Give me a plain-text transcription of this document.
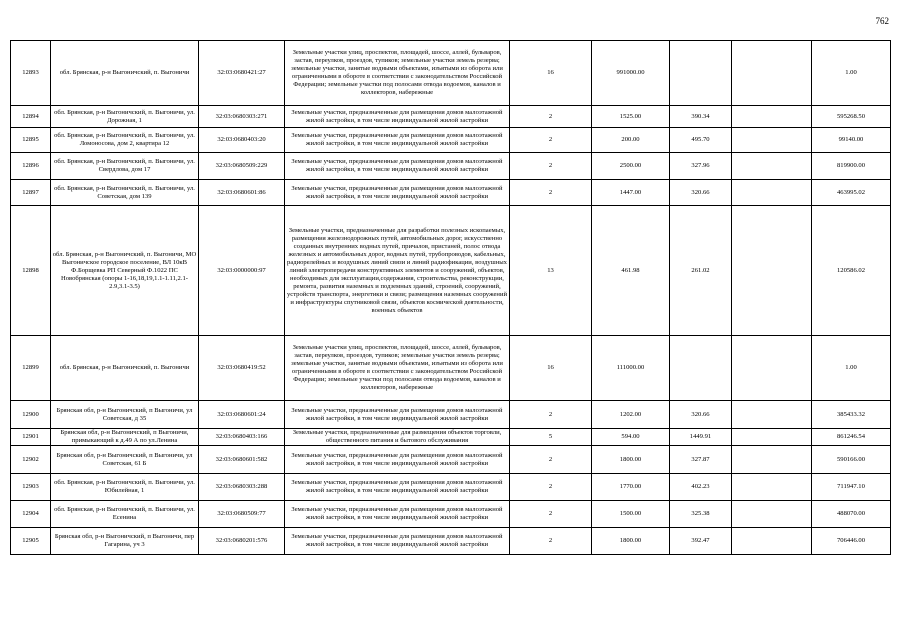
762
12893	обл. Брянская, р-н Выгоничский, п. Выгоничи	32:03:0680421:27	Земельные участки улиц, проспектов, площадей, шоссе, аллей, бульваров, застав, переулков, проездов, тупиков; земельные участки земель резерва; земельные участки, занятые водными объектами, изъятыми из оборота или ограниченными в обороте в соответствии с законодательством Российской Федерации; земельные участки под полосами отвода водоемов, каналов и коллекторов, набережные	16	991000.00			1.00
12894	обл. Брянская, р-н Выгоничский, п. Выгоничи, ул. Дорожная, 1	32:03:0680303:271	Земельные участки, предназначенные для размещения домов малоэтажной жилой застройки, в том числе индивидуальной жилой застройки	2	1525.00	390.34		595268.50
12895	обл. Брянская, р-н Выгоничский, п. Выгоничи, ул. Ломоносова, дом 2, квартира 12	32:03:0680403:20	Земельные участки, предназначенные для размещения домов малоэтажной жилой застройки, в том числе индивидуальной жилой застройки	2	200.00	495.70		99140.00
12896	обл. Брянская, р-н Выгоничский, п. Выгоничи, ул. Свердлова, дом 17	32:03:0680509:229	Земельные участки, предназначенные для размещения домов малоэтажной жилой застройки, в том числе индивидуальной жилой застройки	2	2500.00	327.96		819900.00
12897	обл. Брянская, р-н Выгоничский, п. Выгоничи, ул. Советская, дом 139	32:03:0680601:86	Земельные участки, предназначенные для размещения домов малоэтажной жилой застройки, в том числе индивидуальной жилой застройки	2	1447.00	320.66		463995.02
12898	обл. Брянская, р-н Выгоничский, п. Выгоничи, МО Выгоничское городское поселение, ВЛ 10кВ Ф.Борщевка РП Северный Ф.1022 ПС Новобрянская (опоры 1-16,18,19,1.1-1.11,2.1-2.9,3.1-3.5)	32:03:0000000:97	Земельные участки, предназначенные для разработки полезных ископаемых, размещения железнодорожных путей, автомобильных дорог, искусственно созданных внутренних водных путей, причалов, пристаней, полос отвода железных и автомобильных дорог, водных путей, трубопроводов, кабельных, радиорелейных и воздушных линий связи и линий радиофикации, воздушных линий электропередачи конструктивных элементов и сооружений, объектов, необходимых для эксплуатации,содержания, строительства, реконструкции, ремонта, развития наземных и подземных зданий, строений, сооружений, устройств транспорта, энергетики и связи; размещения наземных сооружений и инфраструктуры спутниковой связи, объектов космической деятельности, военных объектов	13	461.98	261.02		120586.02
12899	обл. Брянская, р-н Выгоничский, п. Выгоничи	32:03:0680419:52	Земельные участки улиц, проспектов, площадей, шоссе, аллей, бульваров, застав, переулков, проездов, тупиков; земельные участки земель резерва; земельные участки, занятые водными объектами, изъятыми из оборота или ограниченными в обороте в соответствии с законодательством Российской Федерации; земельные участки под полосами отвода водоемов, каналов и коллекторов, набережные	16	111000.00			1.00
12900	Брянская обл, р-н Выгоничский, п Выгоничи, ул Советская, д 35	32:03:0680601:24	Земельные участки, предназначенные для размещения домов малоэтажной жилой застройки, в том числе индивидуальной жилой застройки	2	1202.00	320.66		385433.32
12901	Брянская обл, р-н Выгоничский, п Выгоничи, примыкающий к д.49 А по ул.Ленина	32:03:0680403:166	Земельные участки, предназначенные для размещения объектов торговли, общественного питания и бытового обслуживания	5	594.00	1449.91		861246.54
12902	Брянская обл, р-н Выгоничский, п Выгоничи, ул Советская, 61 Б	32:03:0680601:582	Земельные участки, предназначенные для размещения домов малоэтажной жилой застройки, в том числе индивидуальной жилой застройки	2	1800.00	327.87		590166.00
12903	обл. Брянская, р-н Выгоничский, п. Выгоничи, ул. Юбилейная, 1	32:03:0680303:288	Земельные участки, предназначенные для размещения домов малоэтажной жилой застройки, в том числе индивидуальной жилой застройки	2	1770.00	402.23		711947.10
12904	обл. Брянская, р-н Выгоничский, п. Выгоничи, ул. Есенина	32:03:0680509:77	Земельные участки, предназначенные для размещения домов малоэтажной жилой застройки, в том числе индивидуальной жилой застройки	2	1500.00	325.38		488070.00
12905	Брянская обл, р-н Выгоничский, п Выгоничи, пер Гагарина, уч 3	32:03:0680201:576	Земельные участки, предназначенные для размещения домов малоэтажной жилой застройки, в том числе индивидуальной жилой застройки	2	1800.00	392.47		706446.00
